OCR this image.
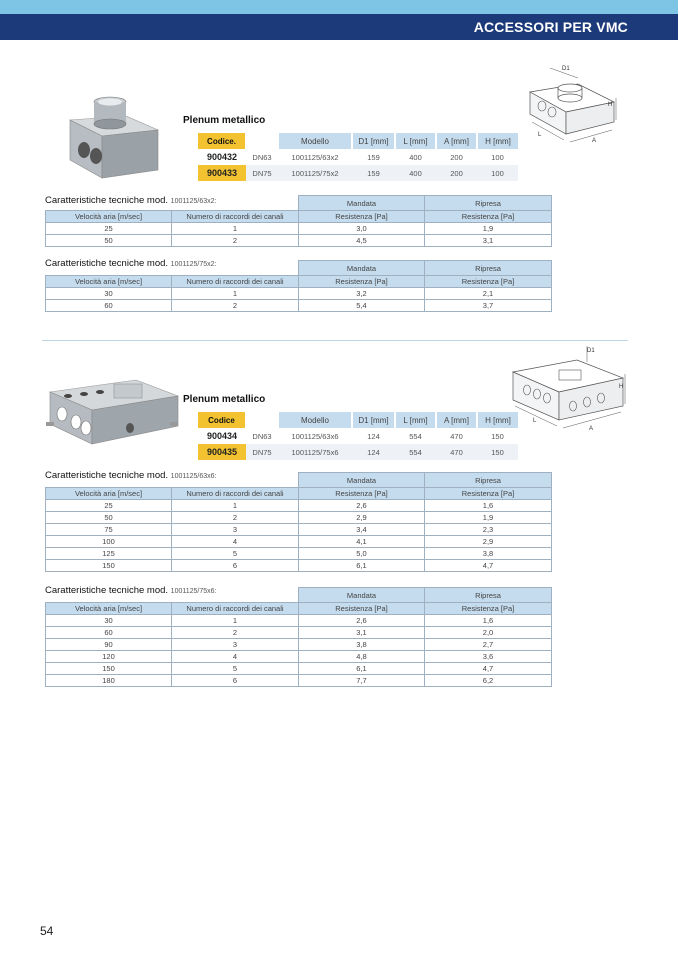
ACCESSORI PER VMC
D1
H
L
A
Plenum metallico
Codice.		Modello	D1 [mm]	L [mm]	A [mm]	H [mm]
900432	DN63	1001125/63x2	159	400	200	100
900433	DN75	1001125/75x2	159	400	200	100
Caratteristiche tecniche mod. 1001125/63x2:
		Mandata	Ripresa
Velocità aria [m/sec]	Numero di raccordi dei canali	Resistenza [Pa]	Resistenza [Pa]
25	1	3,0	1,9
50	2	4,5	3,1
Caratteristiche tecniche mod. 1001125/75x2:
		Mandata	Ripresa
Velocità aria [m/sec]	Numero di raccordi dei canali	Resistenza [Pa]	Resistenza [Pa]
30	1	3,2	2,1
60	2	5,4	3,7
D1
H
L
A
Plenum metallico
Codice		Modello	D1 [mm]	L [mm]	A [mm]	H [mm]
900434	DN63	1001125/63x6	124	554	470	150
900435	DN75	1001125/75x6	124	554	470	150
Caratteristiche tecniche mod. 1001125/63x6:
		Mandata	Ripresa
Velocità aria [m/sec]	Numero di raccordi dei canali	Resistenza [Pa]	Resistenza [Pa]
25	1	2,6	1,6
50	2	2,9	1,9
75	3	3,4	2,3
100	4	4,1	2,9
125	5	5,0	3,8
150	6	6,1	4,7
Caratteristiche tecniche mod. 1001125/75x6:
		Mandata	Ripresa
Velocità aria [m/sec]	Numero di raccordi dei canali	Resistenza [Pa]	Resistenza [Pa]
30	1	2,6	1,6
60	2	3,1	2,0
90	3	3,8	2,7
120	4	4,8	3,6
150	5	6,1	4,7
180	6	7,7	6,2
54
